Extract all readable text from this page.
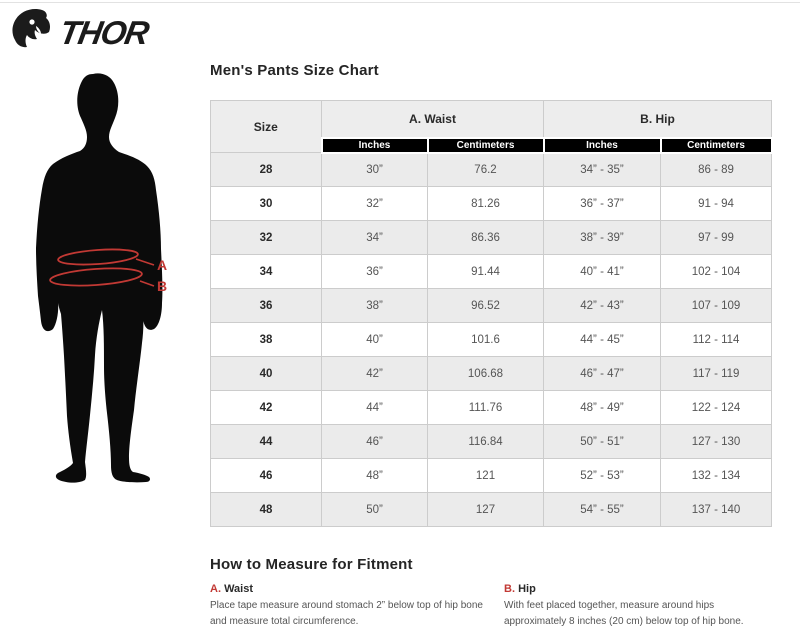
THOR
A
B
Men's Pants Size Chart
Size	A. Waist		B. Hip	
	Inches	Centimeters	Inches	Centimeters
28	30”	76.2	34” - 35”	86 - 89
30	32”	81.26	36” - 37”	91 - 94
32	34”	86.36	38” - 39”	97 - 99
34	36”	91.44	40” - 41”	102 - 104
36	38”	96.52	42” - 43”	107 - 109
38	40”	101.6	44” - 45”	112 - 114
40	42”	106.68	46” - 47”	117 - 119
42	44”	111.76	48” - 49”	122 - 124
44	46”	116.84	50” - 51”	127 - 130
46	48”	121	52” - 53”	132 - 134
48	50”	127	54” - 55”	137 - 140
How to Measure for Fitment
A. Waist
Place tape measure around stomach 2” below top of hip bone and measure total circumference.
B. Hip
With feet placed together, measure around hips approximately 8 inches (20 cm) below top of hip bone.
